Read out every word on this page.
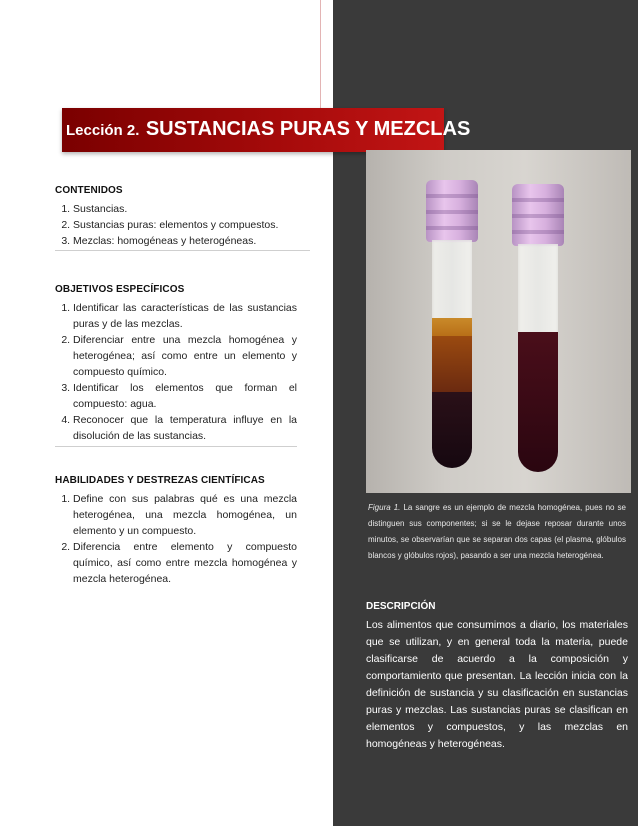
Lección 2. SUSTANCIAS PURAS Y MEZCLAS
CONTENIDOS
1. Sustancias.
2. Sustancias puras: elementos y compuestos.
3. Mezclas: homogéneas y heterogéneas.
OBJETIVOS ESPECÍFICOS
1. Identificar las características de las sustancias puras y de las mezclas.
2. Diferenciar entre una mezcla homogénea y heterogénea; así como entre un elemento y compuesto químico.
3. Identificar los elementos que forman el compuesto: agua.
4. Reconocer que la temperatura influye en la disolución de las sustancias.
HABILIDADES Y DESTREZAS CIENTÍFICAS
1. Define con sus palabras qué es una mezcla heterogénea, una mezcla homogénea, un elemento y un compuesto.
2. Diferencia entre elemento y compuesto químico, así como entre mezcla homogénea y mezcla heterogénea.
Figura 1. La sangre es un ejemplo de mezcla homogénea, pues no se distinguen sus componentes; si se le dejase reposar durante unos minutos, se observarían que se separan dos capas (el plasma, glóbulos blancos y glóbulos rojos), pasando a ser una mezcla heterogénea.
DESCRIPCIÓN

Los alimentos que consumimos a diario, los materiales que se utilizan, y en general toda la materia, puede clasificarse de acuerdo a la composición y comportamiento que presentan. La lección inicia con la definición de sustancia y su clasificación en sustancias puras y mezclas. Las sustancias puras se clasifican en elementos y compuestos, y las mezclas en homogéneas y heterogéneas.
